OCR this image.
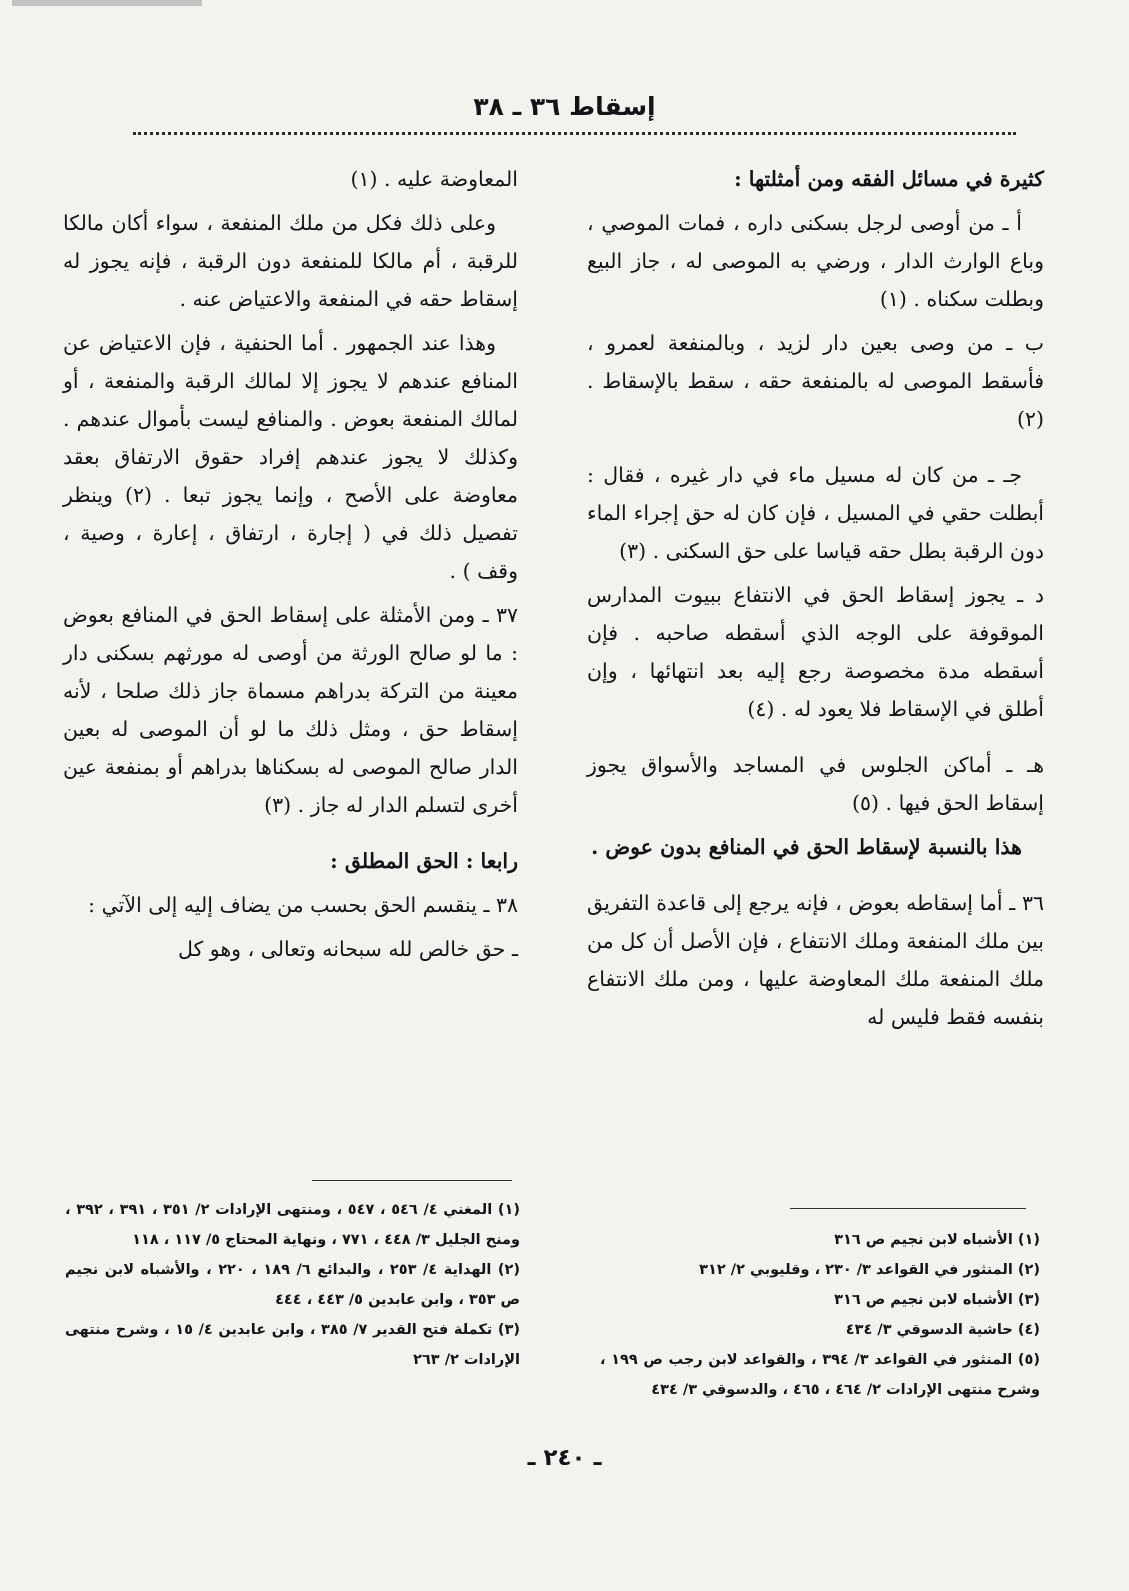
إسقاط ٣٦ ـ ٣٨

كثيرة في مسائل الفقه ومن أمثلتها :

أ ـ من أوصى لرجل بسكنى داره ، فمات الموصي ، وباع الوارث الدار ، ورضي به الموصى له ، جاز البيع وبطلت سكناه . (١)

ب ـ من وصى بعين دار لزيد ، وبالمنفعة لعمرو ، فأسقط الموصى له بالمنفعة حقه ، سقط بالإسقاط . (٢)

جـ ـ من كان له مسيل ماء في دار غيره ، فقال : أبطلت حقي في المسيل ، فإن كان له حق إجراء الماء دون الرقبة بطل حقه قياسا على حق السكنى . (٣)

د ـ يجوز إسقاط الحق في الانتفاع ببيوت المدارس الموقوفة على الوجه الذي أسقطه صاحبه . فإن أسقطه مدة مخصوصة رجع إليه بعد انتهائها ، وإن أطلق في الإسقاط فلا يعود له . (٤)

هـ ـ أماكن الجلوس في المساجد والأسواق يجوز إسقاط الحق فيها . (٥)

هذا بالنسبة لإسقاط الحق في المنافع بدون عوض .

٣٦ ـ أما إسقاطه بعوض ، فإنه يرجع إلى قاعدة التفريق بين ملك المنفعة وملك الانتفاع ، فإن الأصل أن كل من ملك المنفعة ملك المعاوضة عليها ، ومن ملك الانتفاع بنفسه فقط فليس له

المعاوضة عليه . (١)

وعلى ذلك فكل من ملك المنفعة ، سواء أكان مالكا للرقبة ، أم مالكا للمنفعة دون الرقبة ، فإنه يجوز له إسقاط حقه في المنفعة والاعتياض عنه .

وهذا عند الجمهور . أما الحنفية ، فإن الاعتياض عن المنافع عندهم لا يجوز إلا لمالك الرقبة والمنفعة ، أو لمالك المنفعة بعوض . والمنافع ليست بأموال عندهم . وكذلك لا يجوز عندهم إفراد حقوق الارتفاق بعقد معاوضة على الأصح ، وإنما يجوز تبعا . (٢) وينظر تفصيل ذلك في ( إجارة ، ارتفاق ، إعارة ، وصية ، وقف ) .

٣٧ ـ ومن الأمثلة على إسقاط الحق في المنافع بعوض : ما لو صالح الورثة من أوصى له مورثهم بسكنى دار معينة من التركة بدراهم مسماة جاز ذلك صلحا ، لأنه إسقاط حق ، ومثل ذلك ما لو أن الموصى له بعين الدار صالح الموصى له بسكناها بدراهم أو بمنفعة عين أخرى لتسلم الدار له جاز . (٣)

رابعا : الحق المطلق :

٣٨ ـ ينقسم الحق بحسب من يضاف إليه إلى الآتي :

ـ حق خالص لله سبحانه وتعالى ، وهو كل

(١) الأشباه لابن نجيم ص ٣١٦

(٢) المنثور في القواعد ٣/ ٢٣٠ ، وقليوبي ٢/ ٣١٢

(٣) الأشباه لابن نجيم ص ٣١٦

(٤) حاشية الدسوقي ٣/ ٤٣٤

(٥) المنثور في القواعد ٣/ ٣٩٤ ، والقواعد لابن رجب ص ١٩٩ ، وشرح منتهى الإرادات ٢/ ٤٦٤ ، ٤٦٥ ، والدسوقي ٣/ ٤٣٤

(١) المغني ٤/ ٥٤٦ ، ٥٤٧ ، ومنتهى الإرادات ٢/ ٣٥١ ، ٣٩١ ، ٣٩٢ ، ومنح الجليل ٣/ ٤٤٨ ، ٧٧١ ، ونهاية المحتاج ٥/ ١١٧ ، ١١٨

(٢) الهداية ٤/ ٢٥٣ ، والبدائع ٦/ ١٨٩ ، ٢٢٠ ، والأشباه لابن نجيم ص ٣٥٣ ، وابن عابدين ٥/ ٤٤٣ ، ٤٤٤

(٣) تكملة فتح القدير ٧/ ٣٨٥ ، وابن عابدين ٤/ ١٥ ، وشرح منتهى الإرادات ٢/ ٢٦٣

ـ ٢٤٠ ـ
